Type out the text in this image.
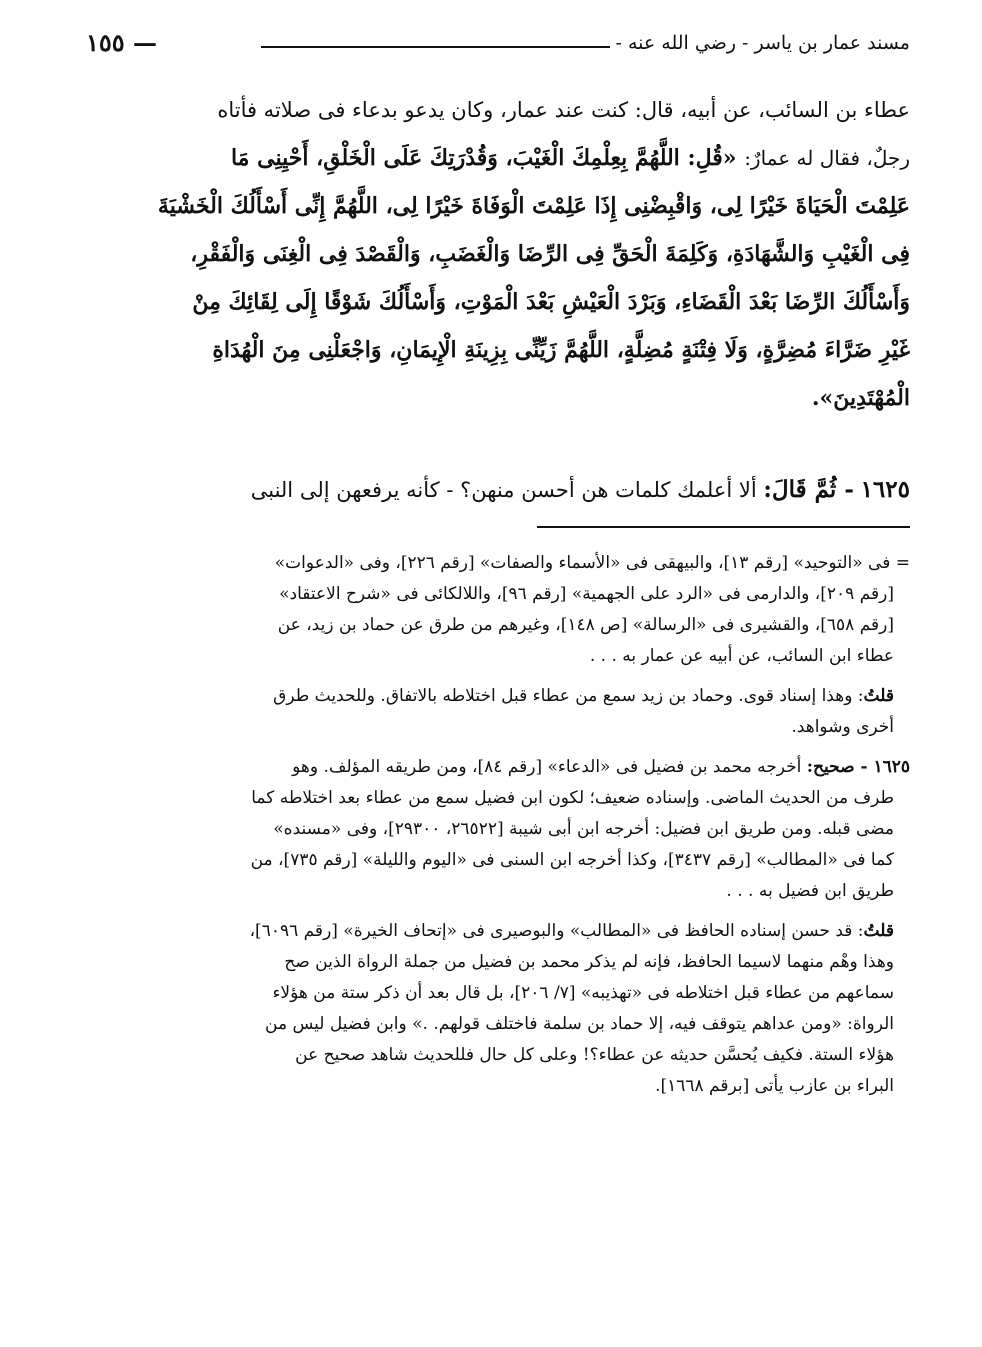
مسند عمار بن ياسر - رضي الله عنه -
— ١٥٥
عطاء بن السائب، عن أبيه، قال: كنت عند عمار، وكان يدعو بدعاء فى صلاته فأتاه
رجلٌ، فقال له عمارٌ: «قُلِ: اللَّهُمَّ بِعِلْمِكَ الْغَيْبَ، وَقُدْرَتِكَ عَلَى الْخَلْقِ، أَحْيِنِى مَا
عَلِمْتَ الْحَيَاةَ خَيْرًا لِى، وَاقْبِضْنِى إِذَا عَلِمْتَ الْوَفَاةَ خَيْرًا لِى، اللَّهُمَّ إِنِّى أَسْأَلُكَ الْخَشْيَةَ
فِى الْغَيْبِ وَالشَّهَادَةِ، وَكَلِمَةَ الْحَقِّ فِى الرِّضَا وَالْغَضَبِ، وَالْقَصْدَ فِى الْغِنَى وَالْفَقْرِ،
وَأَسْأَلُكَ الرِّضَا بَعْدَ الْقَضَاءِ، وَبَرْدَ الْعَيْشِ بَعْدَ الْمَوْتِ، وَأَسْأَلُكَ شَوْقًا إِلَى لِقَائِكَ مِنْ
غَيْرِ ضَرَّاءَ مُضِرَّةٍ، وَلَا فِتْنَةٍ مُضِلَّةٍ، اللَّهُمَّ زَيِّنِّى بِزِينَةِ الْإِيمَانِ، وَاجْعَلْنِى مِنَ الْهُدَاةِ
الْمُهْتَدِينَ».
١٦٢٥ - ثُمَّ قَالَ: ألا أعلمك كلمات هن أحسن منهن؟ - كأنه يرفعهن إلى النبى
= فى «التوحيد» [رقم ١٣]، والبيهقى فى «الأسماء والصفات» [رقم ٢٢٦]، وفى «الدعوات»
[رقم ٢٠٩]، والدارمى فى «الرد على الجهمية» [رقم ٩٦]، واللالكائى فى «شرح الاعتقاد»
[رقم ٦٥٨]، والقشيرى فى «الرسالة» [ص ١٤٨]، وغيرهم من طرق عن حماد بن زيد، عن
عطاء ابن السائب، عن أبيه عن عمار به . . .
قلتُ: وهذا إسناد قوى. وحماد بن زيد سمع من عطاء قبل اختلاطه بالاتفاق. وللحديث طرق
أخرى وشواهد.
١٦٢٥ - صحيح: أخرجه محمد بن فضيل فى «الدعاء» [رقم ٨٤]، ومن طريقه المؤلف. وهو
طرف من الحديث الماضى. وإسناده ضعيف؛ لكون ابن فضيل سمع من عطاء بعد اختلاطه كما
مضى قبله. ومن طريق ابن فضيل: أخرجه ابن أبى شيبة [٢٦٥٢٢، ٢٩٣٠٠]، وفى «مسنده»
كما فى «المطالب» [رقم ٣٤٣٧]، وكذا أخرجه ابن السنى فى «اليوم والليلة» [رقم ٧٣٥]، من
طريق ابن فضيل به . . .
قلتُ: قد حسن إسناده الحافظ فى «المطالب» والبوصيرى فى «إتحاف الخيرة» [رقم ٦٠٩٦]،
وهذا وهْم منهما لاسيما الحافظ، فإنه لم يذكر محمد بن فضيل من جملة الرواة الذين صح
سماعهم من عطاء قبل اختلاطه فى «تهذيبه» [٧/ ٢٠٦]، بل قال بعد أن ذكر ستة من هؤلاء
الرواة: «ومن عداهم يتوقف فيه، إلا حماد بن سلمة فاختلف قولهم. .» وابن فضيل ليس من
هؤلاء الستة. فكيف يُحسَّن حديثه عن عطاء؟! وعلى كل حال فللحديث شاهد صحيح عن
البراء بن عازب يأتى [برقم ١٦٦٨].
